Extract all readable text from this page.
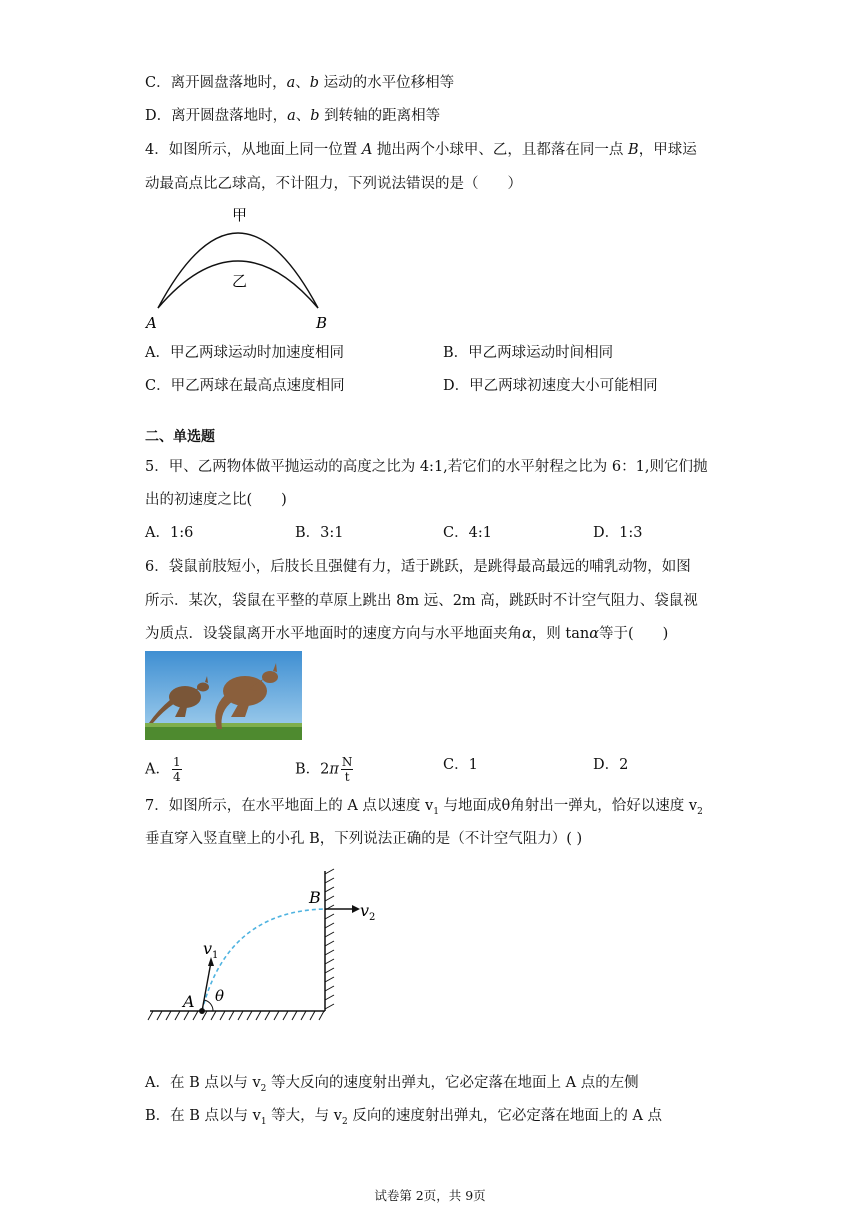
C．离开圆盘落地时，a、b 运动的水平位移相等
D．离开圆盘落地时，a、b 到转轴的距离相等
4．如图所示，从地面上同一位置 A 抛出两个小球甲、乙，且都落在同一点 B，甲球运
动最高点比乙球高，不计阻力，下列说法错误的是（　　）
甲
乙
A	B
A．甲乙两球运动时加速度相同	B．甲乙两球运动时间相同
C．甲乙两球在最高点速度相同	D．甲乙两球初速度大小可能相同
二、单选题
5．甲、乙两物体做平抛运动的高度之比为 4:1,若它们的水平射程之比为 6：1,则它们抛
出的初速度之比(　　)
A．1:6	B．3:1	C．4:1	D．1:3
6．袋鼠前肢短小，后肢长且强健有力，适于跳跃，是跳得最高最远的哺乳动物，如图
所示．某次，袋鼠在平整的草原上跳出 8m 远、2m 高，跳跃时不计空气阻力、袋鼠视
为质点．设袋鼠离开水平地面时的速度方向与水平地面夹角α，则 tanα等于(　　)
A． $\frac{1}{4}$	B．$2\pi \frac{N}{t}$	C．1	D．2
7．如图所示，在水平地面上的 A 点以速度 $v_1$ 与地面成θ角射出一弹丸，恰好以速度 $v_2$
垂直穿入竖直壁上的小孔 B，下列说法正确的是（不计空气阻力）( )
B
v 2
v 1
A θ
A．在 B 点以与 $v_2$ 等大反向的速度射出弹丸，它必定落在地面上 A 点的左侧
B．在 B 点以与 $v_1$ 等大，与 $v_2$ 反向的速度射出弹丸，它必定落在地面上的 A 点
试卷第 2页，共 9页
